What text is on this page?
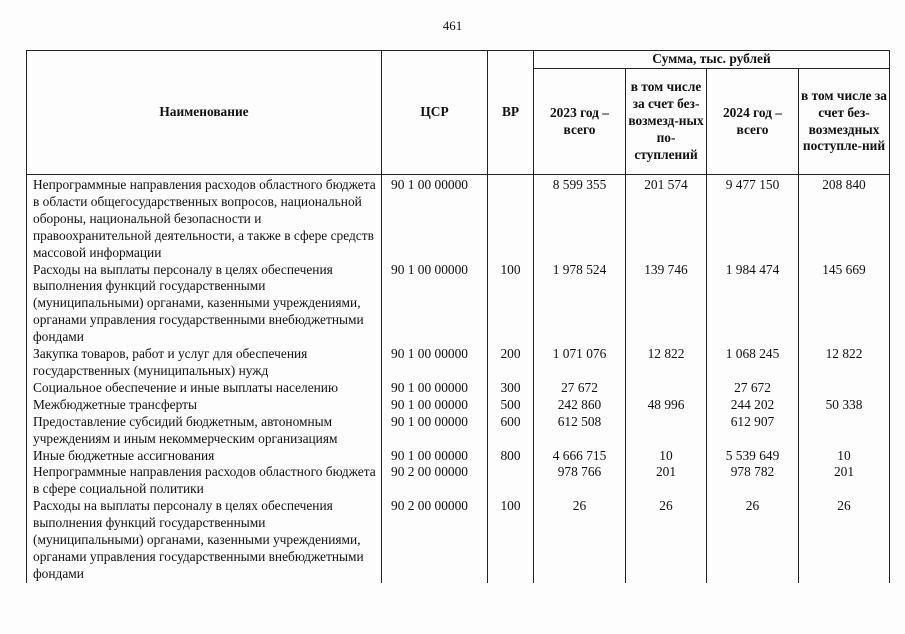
461
Наименование	ЦСР	ВР	Сумма, тыс. рублей			
			2023 год – всего	в том числе за счет без-возмезд-ных по-ступлений	2024 год – всего	в том числе за счет без-возмездных поступле-ний
Непрограммные направления расходов областного бюджета в области общегосударственных вопросов, национальной обороны, национальной безопасности и правоохранительной деятельности, а также в сфере средств массовой информации	90 1 00 00000		8 599 355	201 574	9 477 150	208 840
Расходы на выплаты персоналу в целях обеспечения выполнения функций государственными (муниципальными) органами, казенными учреждениями, органами управления государственными внебюджетными фондами	90 1 00 00000	100	1 978 524	139 746	1 984 474	145 669
Закупка товаров, работ и услуг для обеспечения государственных (муниципальных) нужд	90 1 00 00000	200	1 071 076	12 822	1 068 245	12 822
Социальное обеспечение и иные выплаты населению	90 1 00 00000	300	27 672		27 672	
Межбюджетные трансферты	90 1 00 00000	500	242 860	48 996	244 202	50 338
Предоставление субсидий бюджетным, автономным учреждениям и иным некоммерческим организациям	90 1 00 00000	600	612 508		612 907	
Иные бюджетные ассигнования	90 1 00 00000	800	4 666 715	10	5 539 649	10
Непрограммные направления расходов областного бюджета в сфере социальной политики	90 2 00 00000		978 766	201	978 782	201
Расходы на выплаты персоналу в целях обеспечения выполнения функций государственными (муниципальными) органами, казенными учреждениями, органами управления государственными внебюджетными фондами	90 2 00 00000	100	26	26	26	26
